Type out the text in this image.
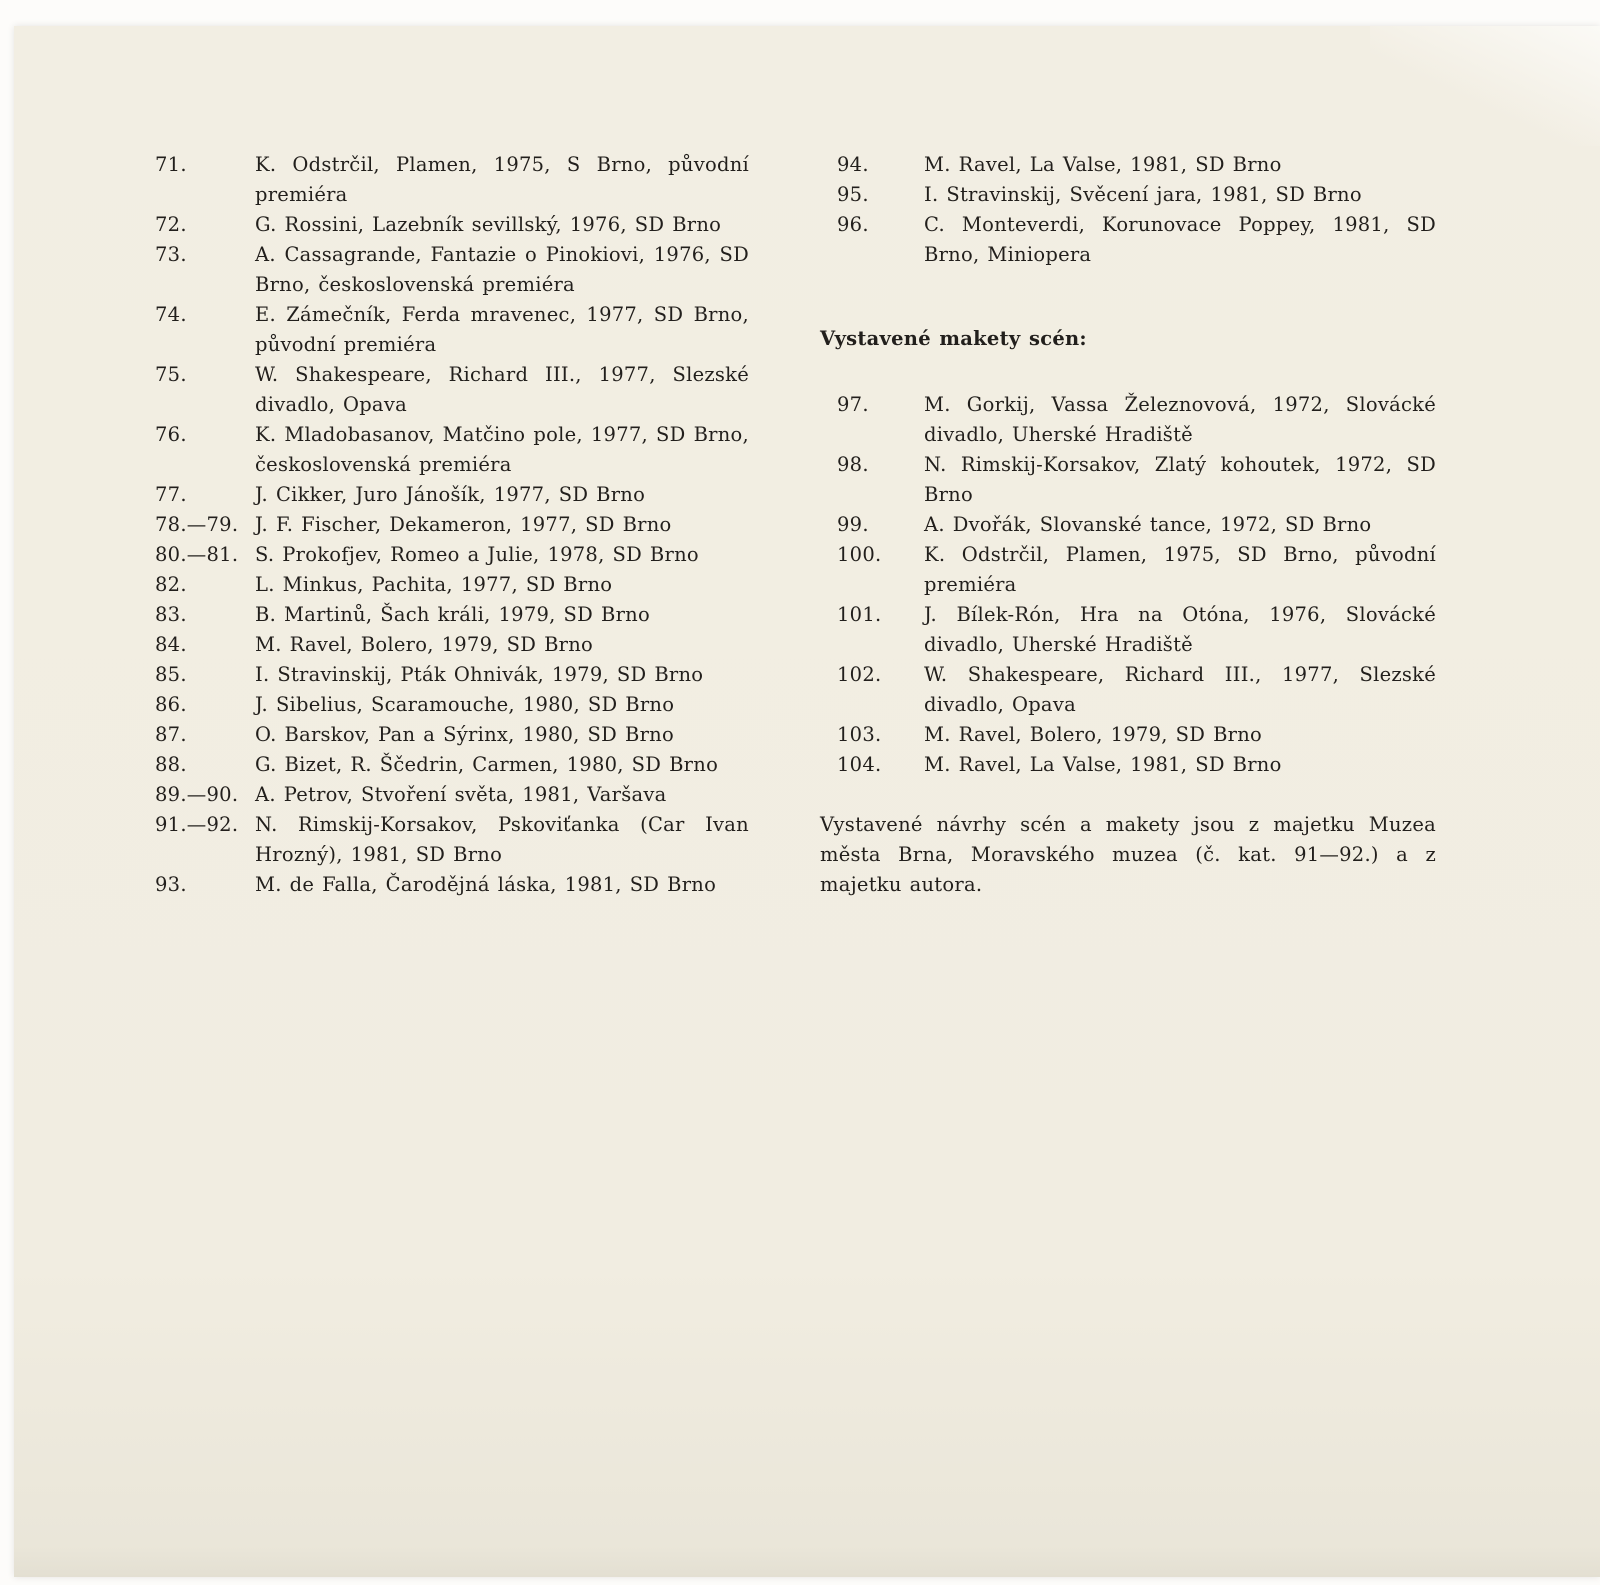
71.	K. Odstrčil, Plamen, 1975, S Brno, původní premiéra
72.	G. Rossini, Lazebník sevillský, 1976, SD Brno
73.	A. Cassagrande, Fantazie o Pinokiovi, 1976, SD Brno, československá premiéra
74.	E. Zámečník, Ferda mravenec, 1977, SD Brno, původní premiéra
75.	W. Shakespeare, Richard III., 1977, Slezské divadlo, Opava
76.	K. Mladobasanov, Matčino pole, 1977, SD Brno, československá premiéra
77.	J. Cikker, Juro Jánošík, 1977, SD Brno
78.—79. J. F. Fischer, Dekameron, 1977, SD Brno
80.—81. S. Prokofjev, Romeo a Julie, 1978, SD Brno
82.	L. Minkus, Pachita, 1977, SD Brno
83.	B. Martinů, Šach králi, 1979, SD Brno
84.	M. Ravel, Bolero, 1979, SD Brno
85.	I. Stravinskij, Pták Ohnivák, 1979, SD Brno
86.	J. Sibelius, Scaramouche, 1980, SD Brno
87.	O. Barskov, Pan a Sýrinx, 1980, SD Brno
88.	G. Bizet, R. Ščedrin, Carmen, 1980, SD Brno
89.—90. A. Petrov, Stvoření světa, 1981, Varšava
91.—92. N. Rimskij-Korsakov, Pskoviťanka (Car Ivan Hrozný), 1981, SD Brno
93.	M. de Falla, Čarodějná láska, 1981, SD Brno
94.	M. Ravel, La Valse, 1981, SD Brno
95.	I. Stravinskij, Svěcení jara, 1981, SD Brno
96.	C. Monteverdi, Korunovace Poppey, 1981, SD Brno, Miniopera
Vystavené makety scén:
97.	M. Gorkij, Vassa Železnovová, 1972, Slovácké divadlo, Uherské Hradiště
98.	N. Rimskij-Korsakov, Zlatý kohoutek, 1972, SD Brno
99.	A. Dvořák, Slovanské tance, 1972, SD Brno
100.	K. Odstrčil, Plamen, 1975, SD Brno, původní premiéra
101.	J. Bílek-Rón, Hra na Otóna, 1976, Slovácké divadlo, Uherské Hradiště
102.	W. Shakespeare, Richard III., 1977, Slezské divadlo, Opava
103.	M. Ravel, Bolero, 1979, SD Brno
104.	M. Ravel, La Valse, 1981, SD Brno
Vystavené návrhy scén a makety jsou z majetku Muzea města Brna, Moravského muzea (č. kat. 91—92.) a z majetku autora.
